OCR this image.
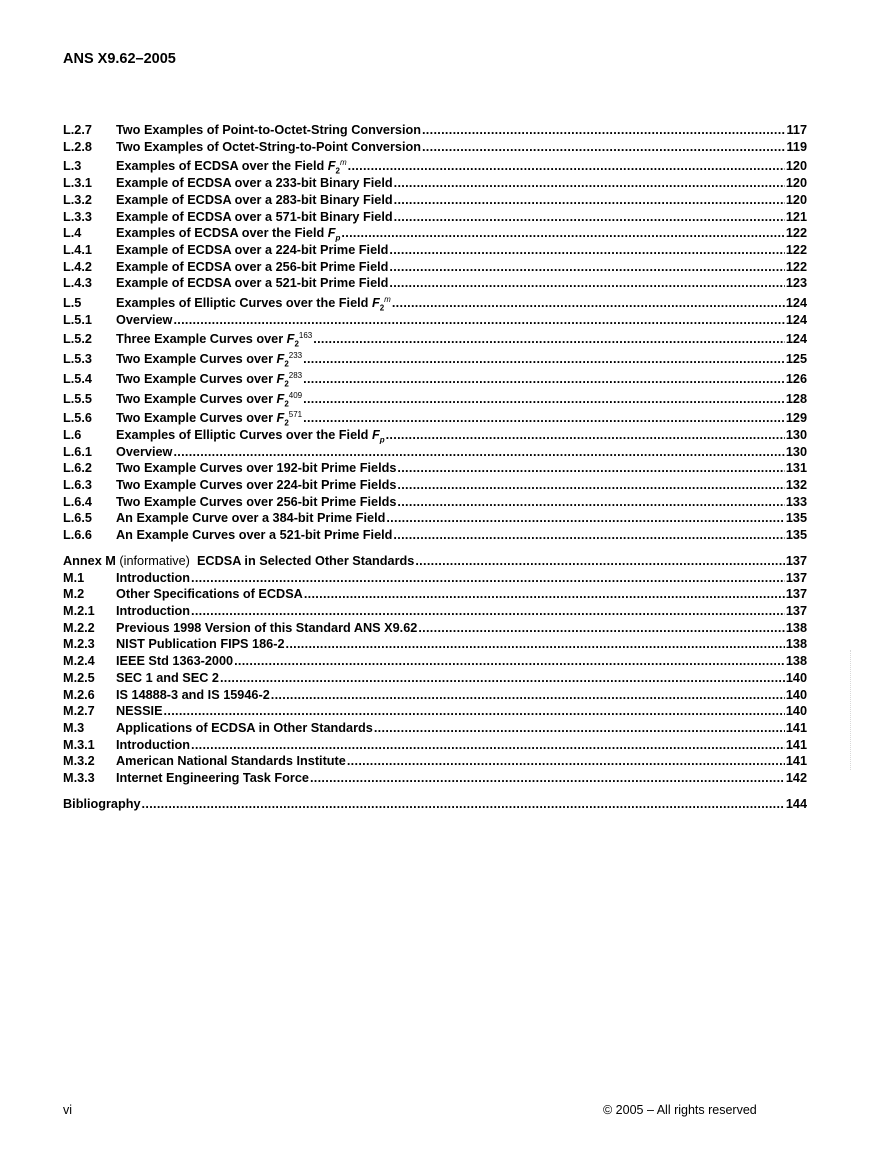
ANS X9.62–2005
L.2.7	Two Examples of Point-to-Octet-String Conversion .....	117
L.2.8	Two Examples of Octet-String-to-Point Conversion .....	119
L.3	Examples of ECDSA over the Field $F_2^m$ .....	120
L.3.1	Example of ECDSA over a 233-bit Binary Field .....	120
L.3.2	Example of ECDSA over a 283-bit Binary Field .....	120
L.3.3	Example of ECDSA over a 571-bit Binary Field .....	121
L.4	Examples of ECDSA over the Field $F_p$ .....	122
L.4.1	Example of ECDSA over a 224-bit Prime Field .....	122
L.4.2	Example of ECDSA over a 256-bit Prime Field .....	122
L.4.3	Example of ECDSA over a 521-bit Prime Field .....	123
L.5	Examples of Elliptic Curves over the Field $F_2^m$ .....	124
L.5.1	Overview .....	124
L.5.2	Three Example Curves over $F_2^{163}$ .....	124
L.5.3	Two Example Curves over $F_2^{233}$ .....	125
L.5.4	Two Example Curves over $F_2^{283}$ .....	126
L.5.5	Two Example Curves over $F_2^{409}$ .....	128
L.5.6	Two Example Curves over $F_2^{571}$ .....	129
L.6	Examples of Elliptic Curves over the Field $F_p$ .....	130
L.6.1	Overview .....	130
L.6.2	Two Example Curves over 192-bit Prime Fields .....	131
L.6.3	Two Example Curves over 224-bit Prime Fields .....	132
L.6.4	Two Example Curves over 256-bit Prime Fields .....	133
L.6.5	An Example Curve over a 384-bit Prime Field .....	135
L.6.6	An Example Curves over a 521-bit Prime Field .....	135
Annex M (informative) ECDSA in Selected Other Standards .....	137
M.1	Introduction .....	137
M.2	Other Specifications of ECDSA .....	137
M.2.1	Introduction .....	137
M.2.2	Previous 1998 Version of this Standard ANS X9.62 .....	138
M.2.3	NIST Publication FIPS 186-2 .....	138
M.2.4	IEEE Std 1363-2000 .....	138
M.2.5	SEC 1 and SEC 2 .....	140
M.2.6	IS 14888-3 and IS 15946-2 .....	140
M.2.7	NESSIE .....	140
M.3	Applications of ECDSA in Other Standards .....	141
M.3.1	Introduction .....	141
M.3.2	American National Standards Institute .....	141
M.3.3	Internet Engineering Task Force .....	142
Bibliography .....	144
vi	© 2005 – All rights reserved
